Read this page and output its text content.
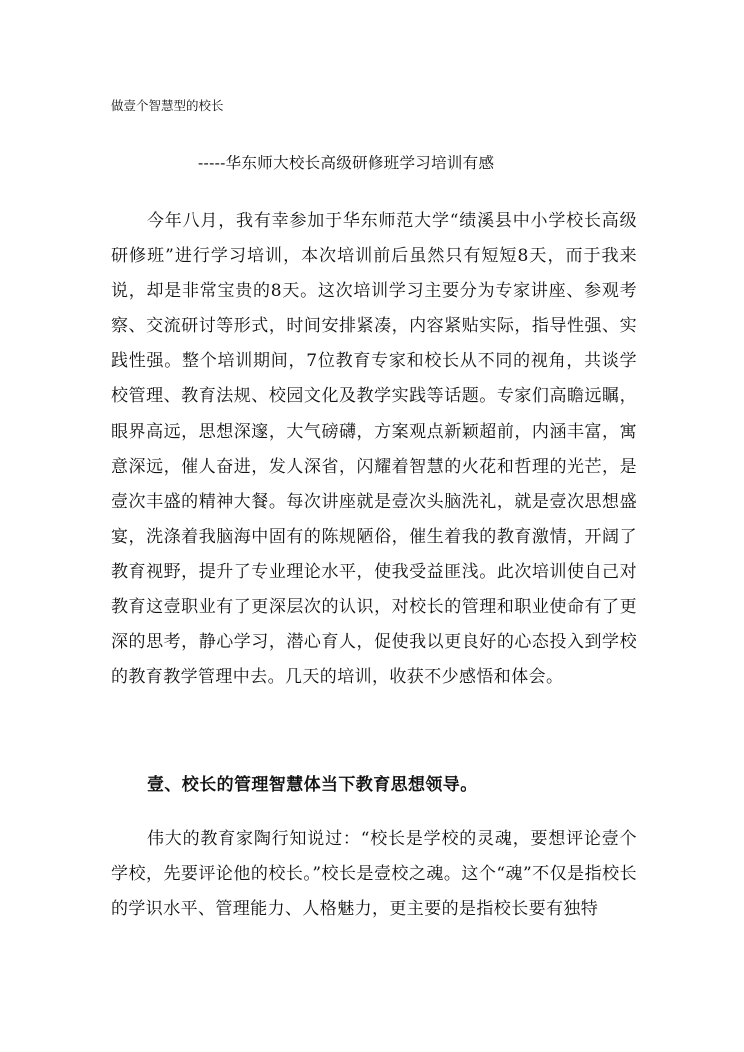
做壹个智慧型的校长
-----华东师大校长高级研修班学习培训有感

今年八月，我有幸参加于华东师范大学“绩溪县中小学校长高级研修班”进行学习培训，本次培训前后虽然只有短短8天，而于我来说，却是非常宝贵的8天。这次培训学习主要分为专家讲座、参观考察、交流研讨等形式，时间安排紧凑，内容紧贴实际，指导性强、实践性强。整个培训期间，7位教育专家和校长从不同的视角，共谈学校管理、教育法规、校园文化及教学实践等话题。专家们高瞻远瞩，眼界高远，思想深邃，大气磅礴，方案观点新颖超前，内涵丰富，寓意深远，催人奋进，发人深省，闪耀着智慧的火花和哲理的光芒，是壹次丰盛的精神大餐。每次讲座就是壹次头脑洗礼，就是壹次思想盛宴，洗涤着我脑海中固有的陈规陋俗，催生着我的教育激情，开阔了教育视野，提升了专业理论水平，使我受益匪浅。此次培训使自己对教育这壹职业有了更深层次的认识，对校长的管理和职业使命有了更深的思考，静心学习，潜心育人，促使我以更良好的心态投入到学校的教育教学管理中去。几天的培训，收获不少感悟和体会。

壹、校长的管理智慧体当下教育思想领导。

伟大的教育家陶行知说过：“校长是学校的灵魂，要想评论壹个学校，先要评论他的校长。”校长是壹校之魂。这个“魂”不仅是指校长的学识水平、管理能力、人格魅力，更主要的是指校长要有独特
